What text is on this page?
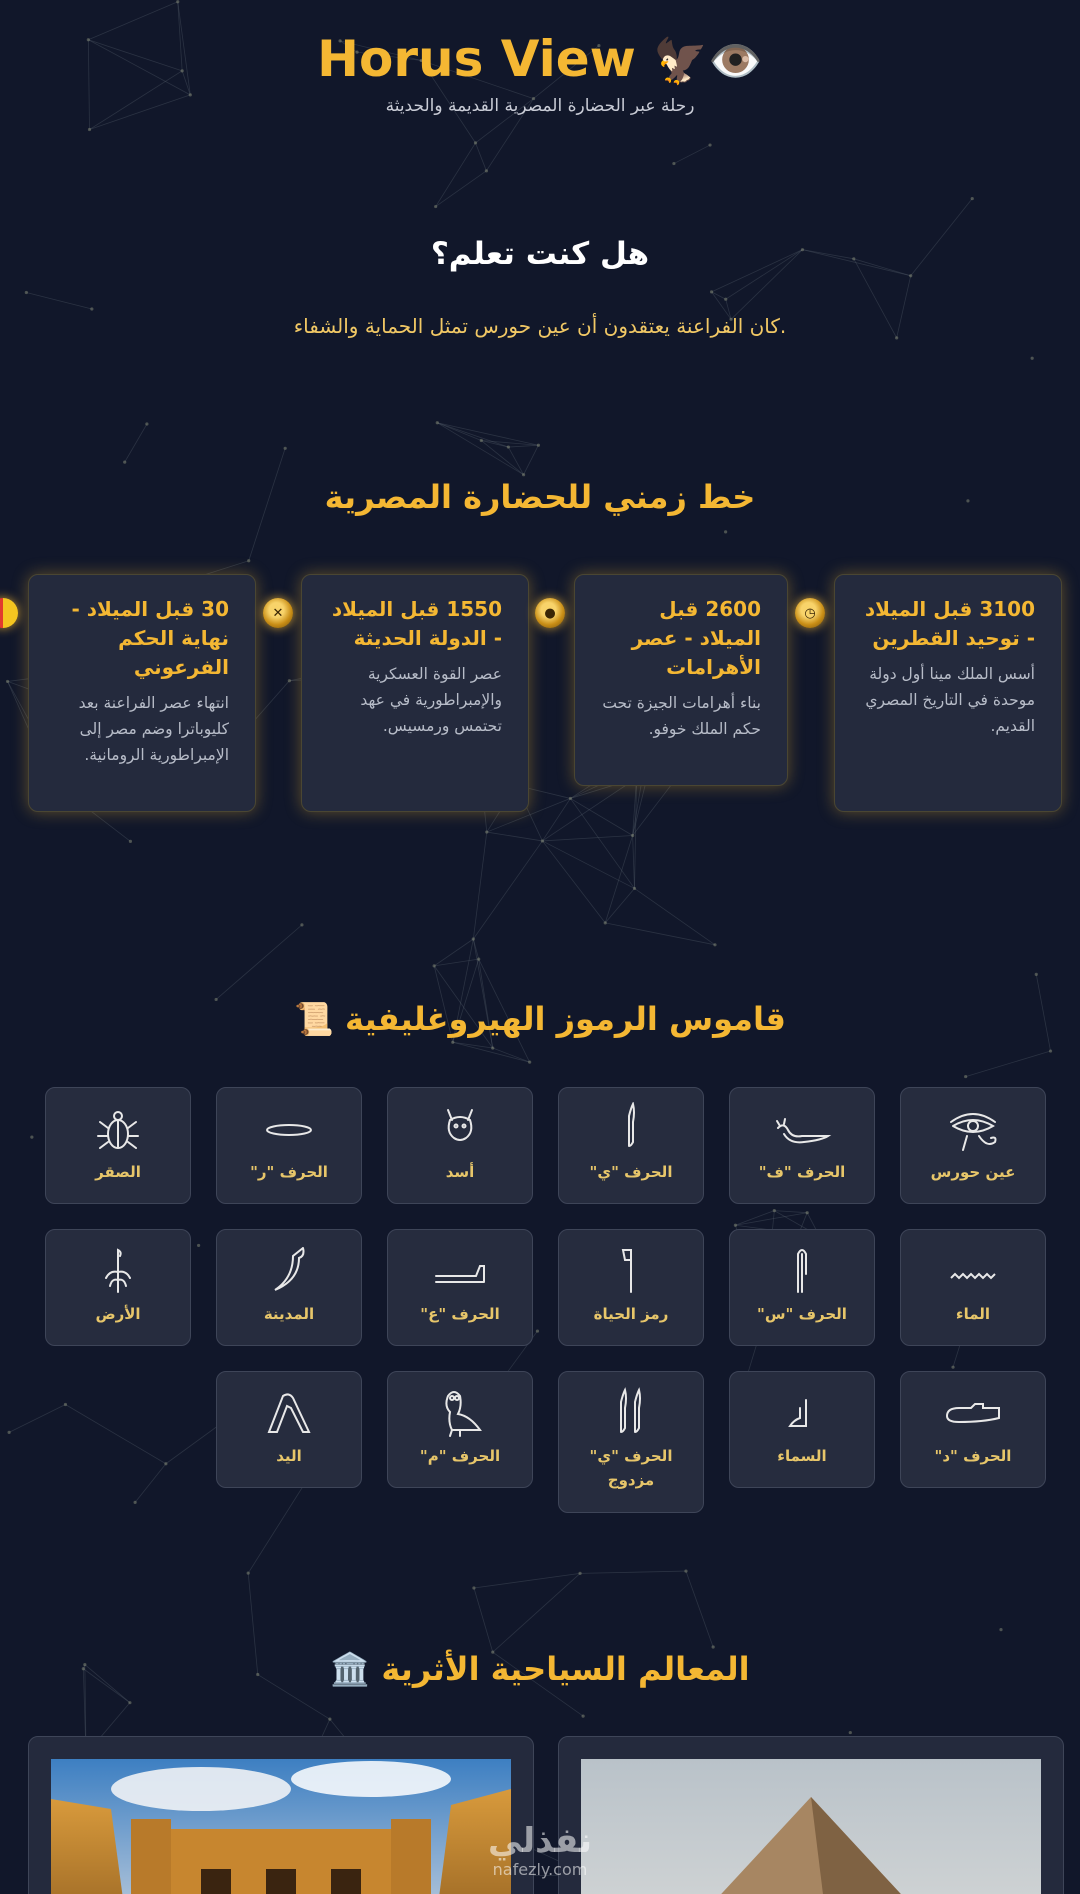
Horus View 🦅👁️
رحلة عبر الحضارة المصرية القديمة والحديثة
هل كنت تعلم؟
كان الفراعنة يعتقدون أن عين حورس تمثل الحماية والشفاء.
خط زمني للحضارة المصرية
3100 قبل الميلاد - توحيد القطرين

أسس الملك مينا أول دولة موحدة في التاريخ المصري القديم.

2600 قبل الميلاد - عصر الأهرامات

بناء أهرامات الجيزة تحت حكم الملك خوفو.

1550 قبل الميلاد - الدولة الحديثة

عصر القوة العسكرية والإمبراطورية في عهد تحتمس ورمسيس.

30 قبل الميلاد - نهاية الحكم الفرعوني

انتهاء عصر الفراعنة بعد كليوباترا وضم مصر إلى الإمبراطورية الرومانية.

◷
●
✕
📜 قاموس الرموز الهيروغليفية
عين حورس
الحرف "ف"
الحرف "ي"
أسد
الحرف "ر"
الصقر
الماء
الحرف "س"
رمز الحياة
الحرف "ع"
المدينة
الأرض
الحرف "د"
السماء
الحرف "ي" مزدوج
الحرف "م"
اليد
🏛️ المعالم السياحية الأثرية
نفذلي
nafezly.com
